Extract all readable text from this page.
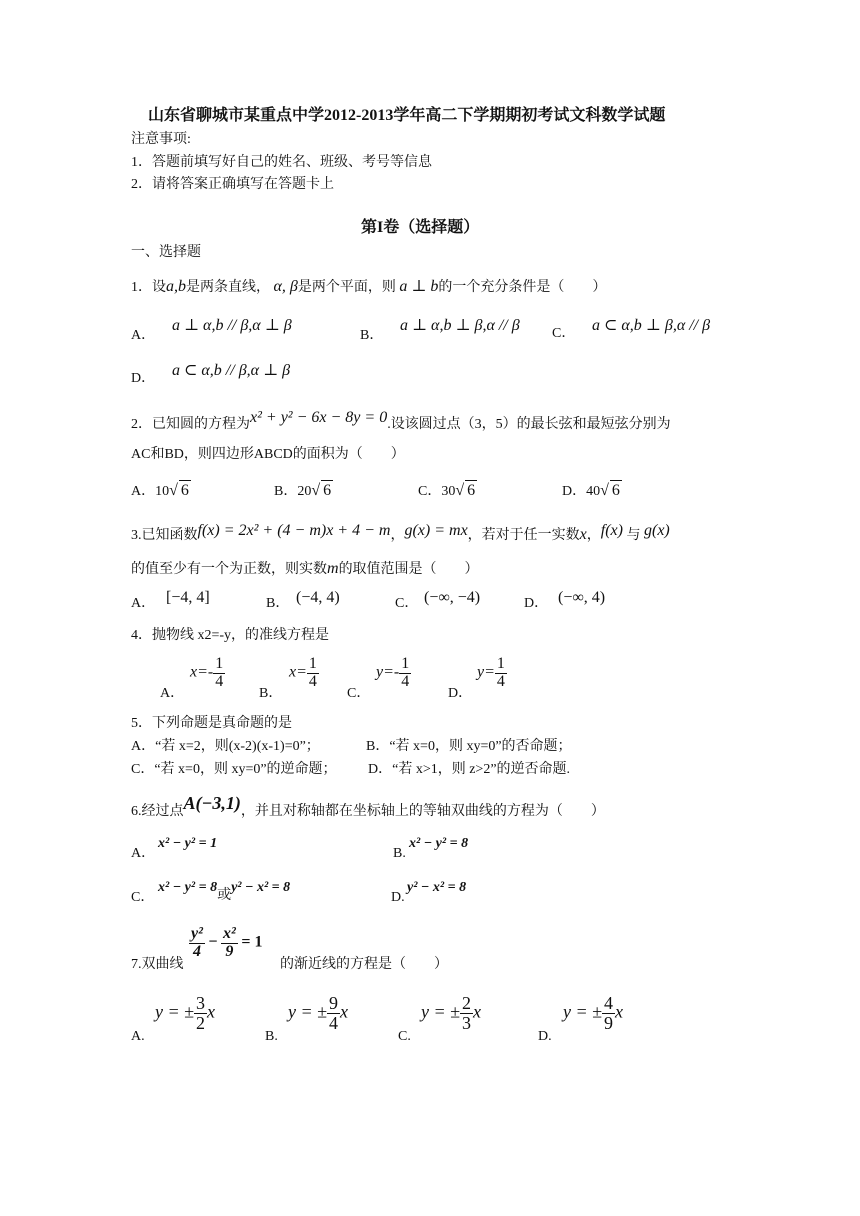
山东省聊城市某重点中学2012-2013学年高二下学期期初考试文科数学试题
注意事项:
1．答题前填写好自己的姓名、班级、考号等信息
2．请将答案正确填写在答题卡上
第I卷（选择题）
一、选择题
1．设a,b是两条直线， α, β是两个平面，则 a ⊥ b的一个充分条件是（　　）
A．
a ⊥ α,b // β,α ⊥ β
B．
a ⊥ α,b ⊥ β,α // β C． a ⊂ α,b ⊥ β,α // β
D． a ⊂ α,b // β,α ⊥ β
2．已知圆的方程为x² + y² − 6x − 8y = 0.设该圆过点（3，5）的最长弦和最短弦分别为
AC和BD，则四边形ABCD的面积为（　　）
A．10√ 6	B．20√ 6	C．30√ 6	D．40√ 6
3.已知函数f(x) = 2x² + (4 − m)x + 4 − m，g(x) = mx，若对于任一实数x，f(x) 与 g(x)
的值至少有一个为正数，则实数m的取值范围是（　　）
A． [−4, 4]	B． (−4, 4)	C． (−∞, −4)	D． (−∞, 4)
4．抛物线 x2=-y，的准线方程是
A．
$x=- \frac{1}{4}$
B．
$x= \frac{1}{4}$
C．
$y=- \frac{1}{4}$
D．
$y= \frac{1}{4}$
5．下列命题是真命题的是
A．“若 x=2，则(x-2)(x-1)=0”；	B．“若 x=0，则 xy=0”的否命题；
C．“若 x=0，则 xy=0”的逆命题； D．“若 x>1，则 z>2”的逆否命题.
6.经过点A(−3,1)，并且对称轴都在坐标轴上的等轴双曲线的方程为（　　）
A．
x² − y² = 1
B.
x² − y² = 8
C．
x² − y² = 8或y² − x² = 8
D.
y² − x² = 8
7.双曲线
$\frac{\text{y²}}{4} - \frac{\text{x²}}{9} = 1$
的渐近线的方程是（　　）
A.
y = ± $\frac{3}{2}$ x
B.
y = ± $\frac{9}{4}$ x
C.
y = ± $\frac{2}{3}$ x
D.
y = ± $\frac{4}{9}$ x
